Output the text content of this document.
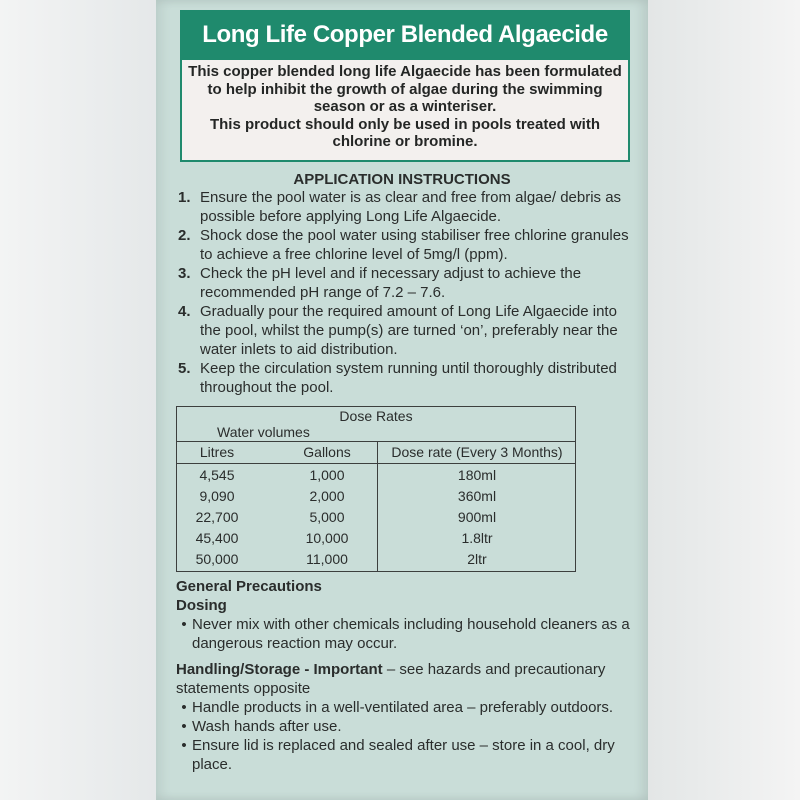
Long Life Copper Blended Algaecide

This copper blended long life Algaecide has been formulated to help inhibit the growth of algae during the swimming season or as a winteriser.

This product should only be used in pools treated with chlorine or bromine.

APPLICATION INSTRUCTIONS
1. Ensure the pool water is as clear and free from algae/ debris as possible before applying Long Life Algaecide.
2. Shock dose the pool water using stabiliser free chlorine granules to achieve a free chlorine level of 5mg/l (ppm).
3. Check the pH level and if necessary adjust to achieve the recommended pH range of 7.2 – 7.6.
4. Gradually pour the required amount of Long Life Algaecide into the pool, whilst the pump(s) are turned ‘on’, preferably near the water inlets to aid distribution.
5. Keep the circulation system running until thoroughly distributed throughout the pool.
Dose Rates
Water volumes
Litres	Gallons	Dose rate (Every 3 Months)
4,545	1,000	180ml
9,090	2,000	360ml
22,700	5,000	900ml
45,400	10,000	1.8ltr
50,000	11,000	2ltr
General Precautions
Dosing
• Never mix with other chemicals including household cleaners as a dangerous reaction may occur.
Handling/Storage - Important – see hazards and precautionary statements opposite
• Handle products in a well-ventilated area – preferably outdoors.
• Wash hands after use.
• Ensure lid is replaced and sealed after use – store in a cool, dry place.
